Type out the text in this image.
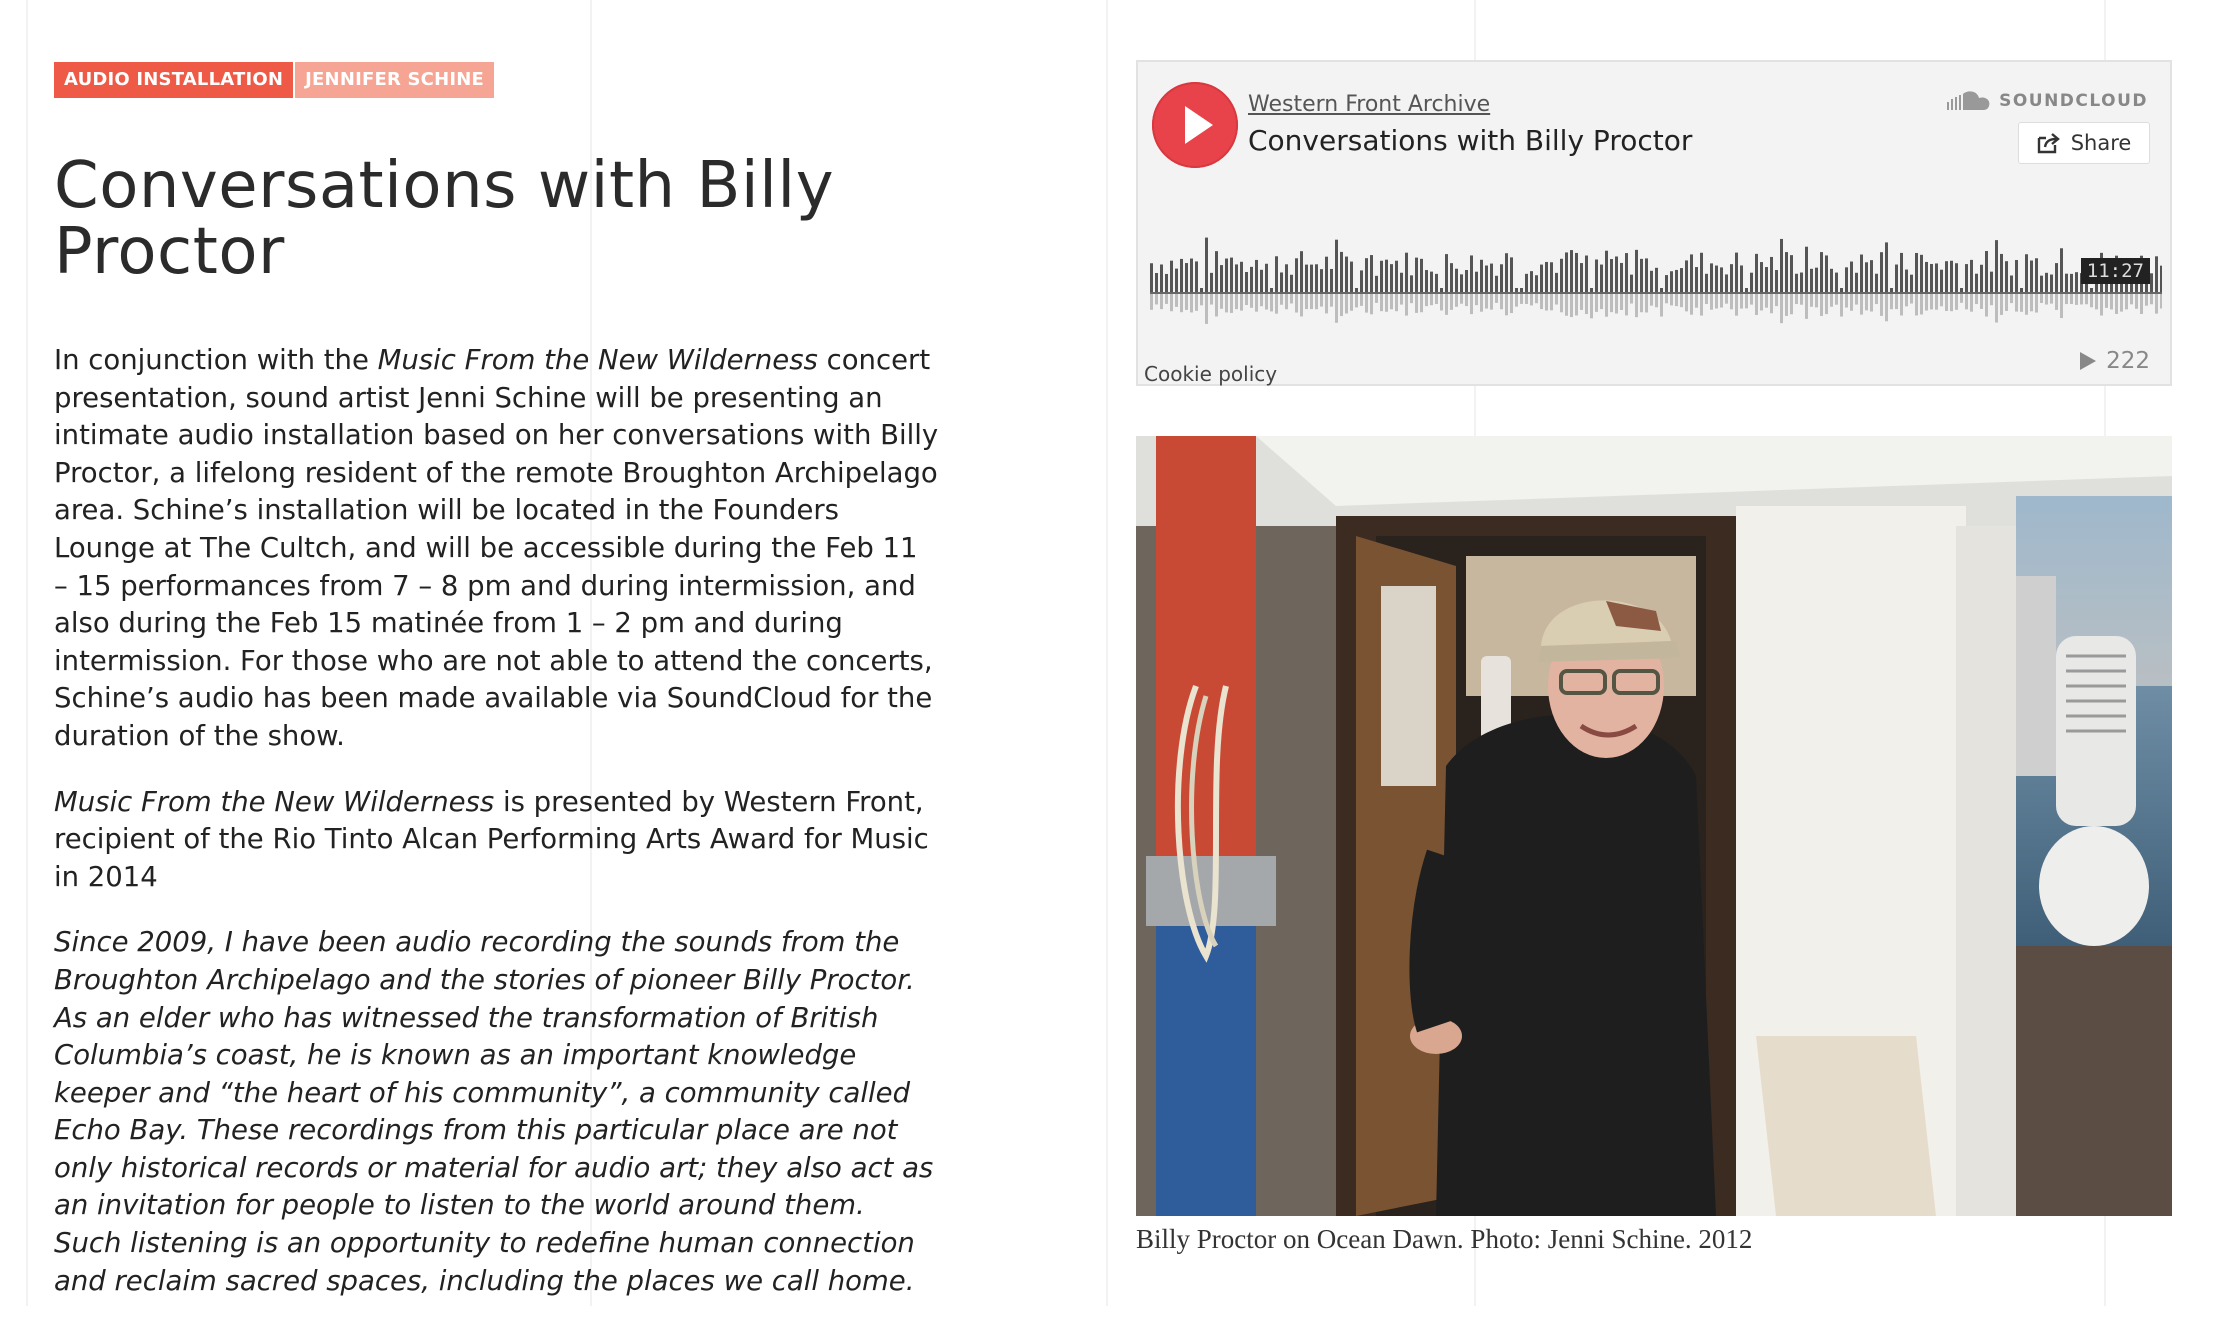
AUDIO INSTALLATION	JENNIFER SCHINE
Conversations with Billy Proctor

In conjunction with the Music From the New Wilderness concert presentation, sound artist Jenni Schine will be presenting an intimate audio installation based on her conversations with Billy Proctor, a lifelong resident of the remote Broughton Archipelago area. Schine’s installation will be located in the Founders Lounge at The Cultch, and will be accessible during the Feb 11 – 15 performances from 7 – 8 pm and during intermission, and also during the Feb 15 matinée from 1 – 2 pm and during intermission. For those who are not able to attend the concerts, Schine’s audio has been made available via SoundCloud for the duration of the show.

Music From the New Wilderness is presented by Western Front, recipient of the Rio Tinto Alcan Performing Arts Award for Music in 2014

Since 2009, I have been audio recording the sounds from the Broughton Archipelago and the stories of pioneer Billy Proctor. As an elder who has witnessed the transformation of British Columbia’s coast, he is known as an important knowledge keeper and “the heart of his community”, a community called Echo Bay. These recordings from this particular place are not only historical records or material for audio art; they also act as an invitation for people to listen to the world around them. Such listening is an opportunity to redefine human connection and reclaim sacred spaces, including the places we call home.

Western Front Archive
Conversations with Billy Proctor
SOUNDCLOUD
Share
11:27
Cookie policy	222
Billy Proctor on Ocean Dawn. Photo: Jenni Schine. 2012
